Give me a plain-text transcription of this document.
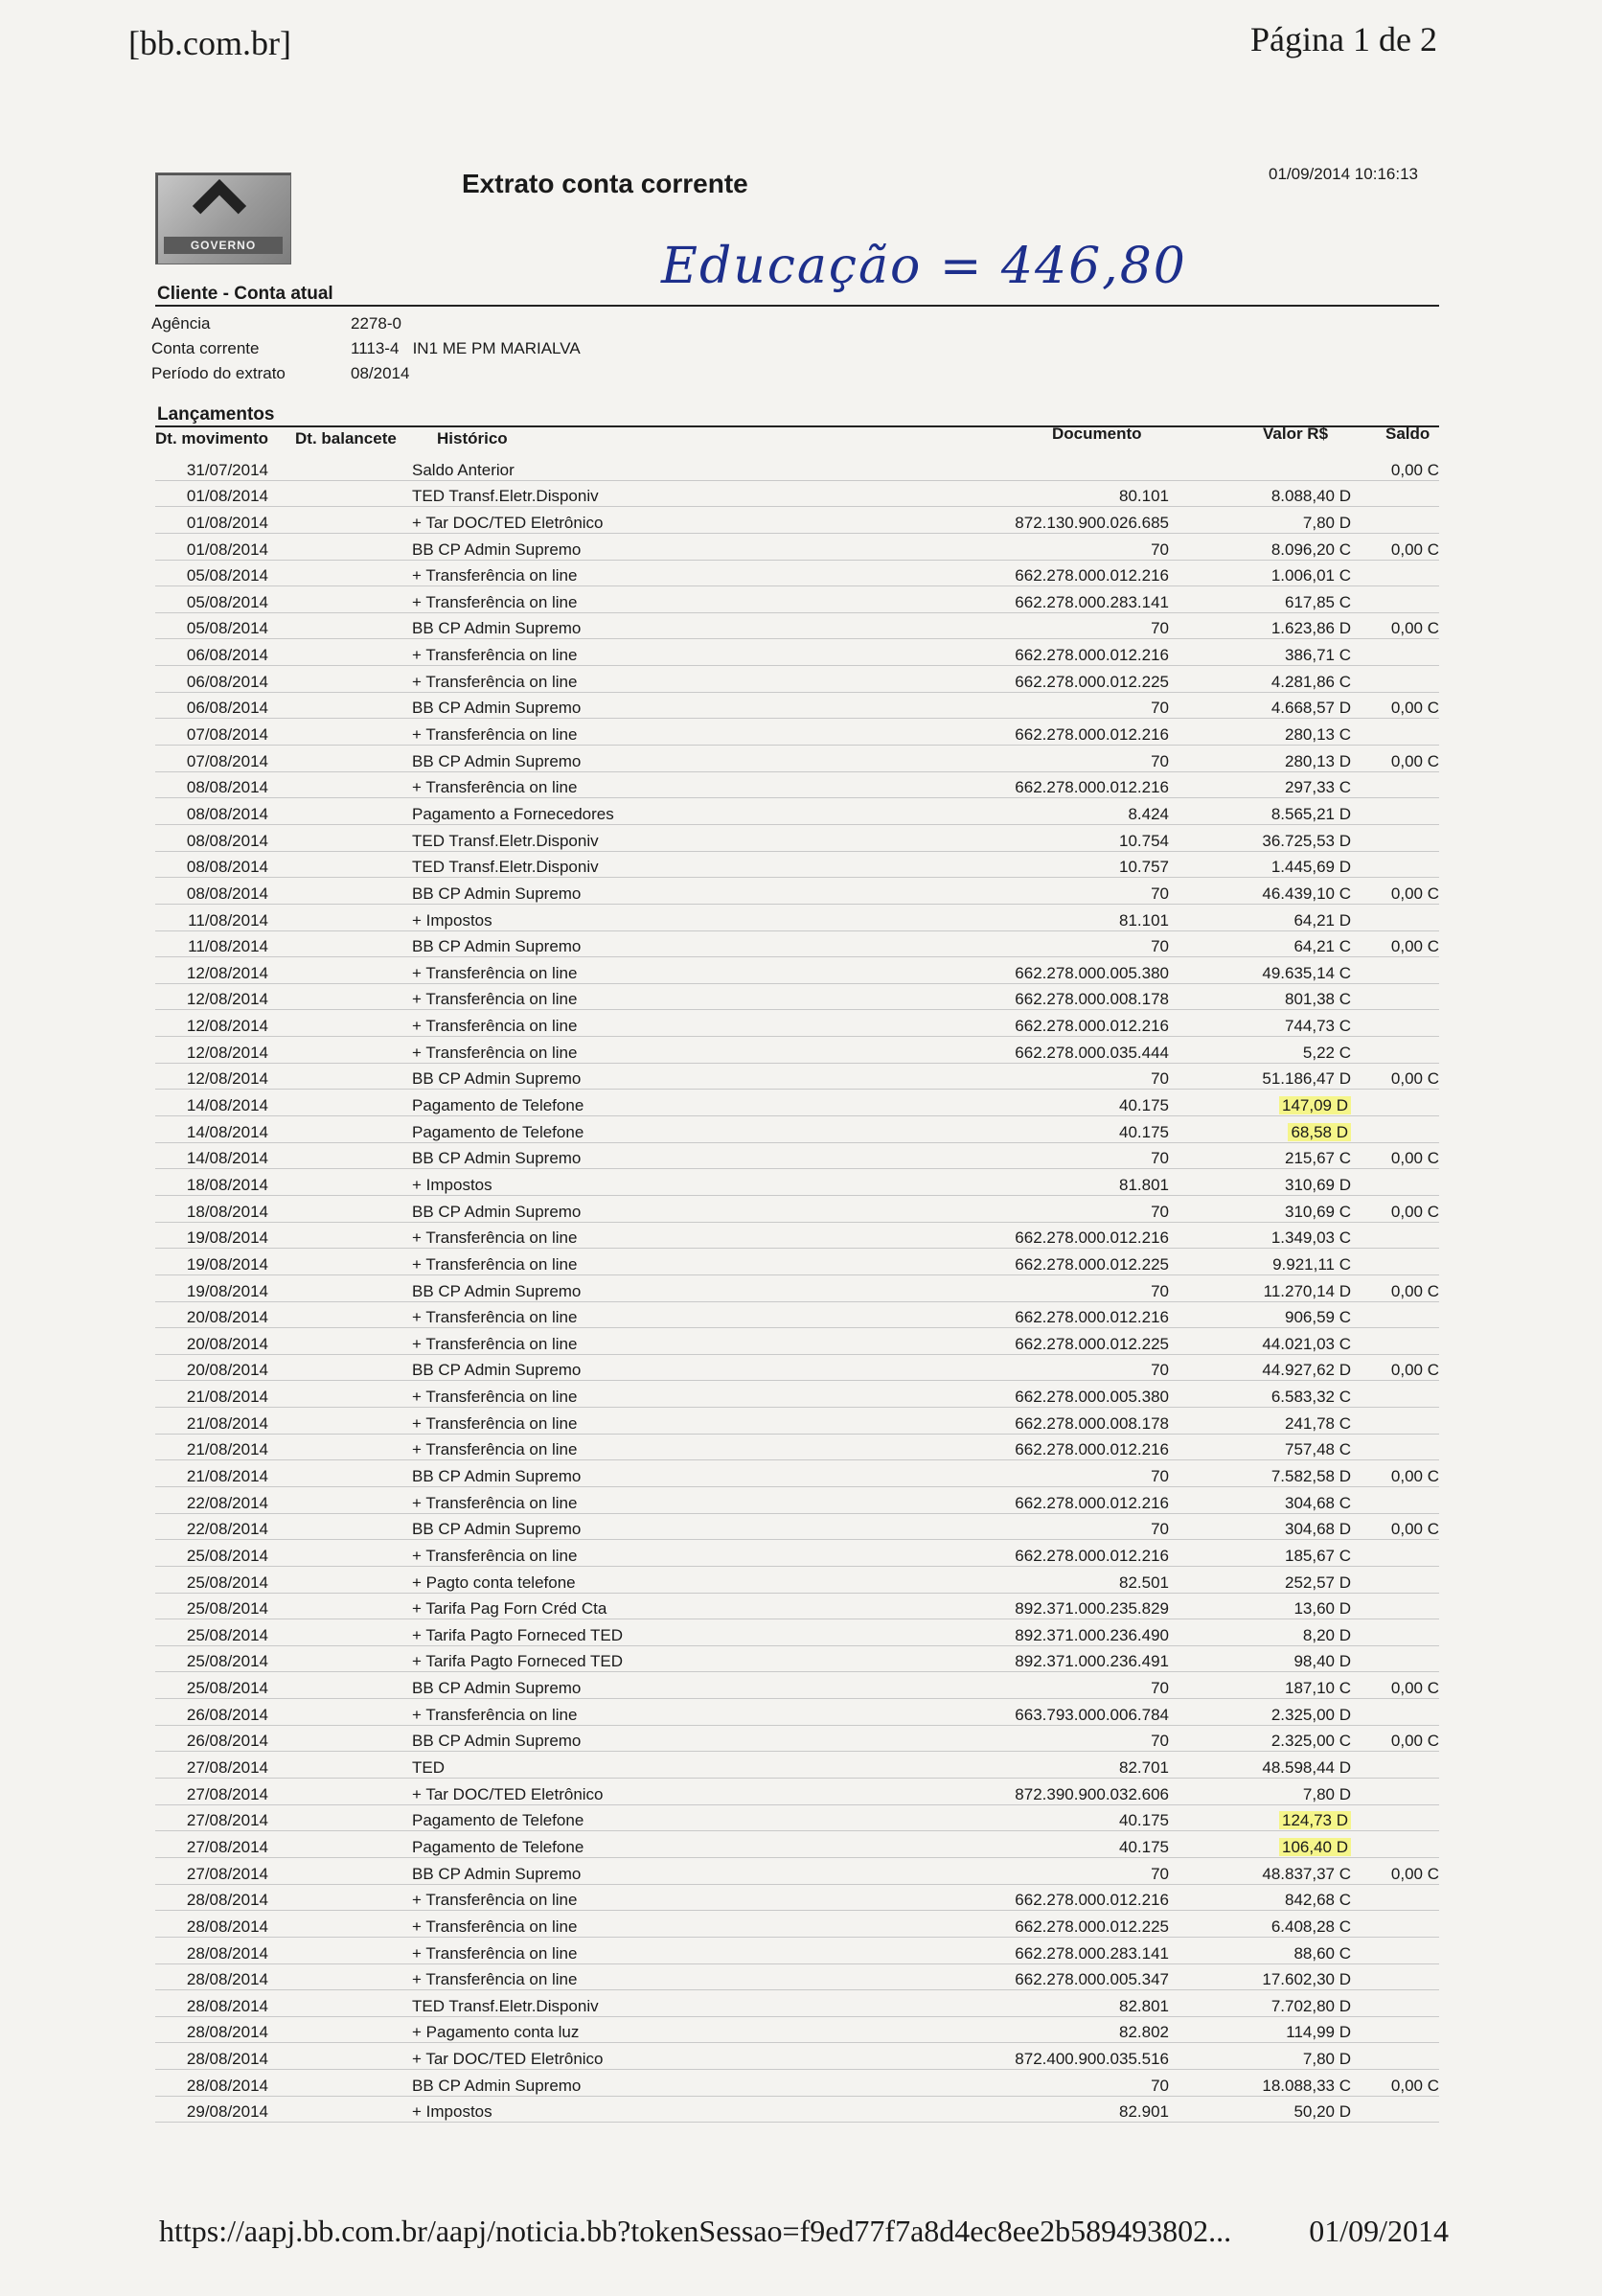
[bb.com.br]	Página 1 de 2
GOVERNO
Extrato conta corrente	01/09/2014 10:16:13
Educação = 446,80
Cliente - Conta atual
Agência	2278-0
Conta corrente	1113-4   IN1 ME PM MARIALVA
Período do extrato	08/2014
Lançamentos
Dt. movimento Dt. balancete Histórico	Documento	Valor R$	Saldo
31/07/2014		Saldo Anterior			0,00 C
01/08/2014		TED Transf.Eletr.Disponiv	80.101	8.088,40 D	
01/08/2014		+ Tar DOC/TED Eletrônico	872.130.900.026.685	7,80 D	
01/08/2014		BB CP Admin Supremo	70	8.096,20 C	0,00 C
05/08/2014		+ Transferência on line	662.278.000.012.216	1.006,01 C	
05/08/2014		+ Transferência on line	662.278.000.283.141	617,85 C	
05/08/2014		BB CP Admin Supremo	70	1.623,86 D	0,00 C
06/08/2014		+ Transferência on line	662.278.000.012.216	386,71 C	
06/08/2014		+ Transferência on line	662.278.000.012.225	4.281,86 C	
06/08/2014		BB CP Admin Supremo	70	4.668,57 D	0,00 C
07/08/2014		+ Transferência on line	662.278.000.012.216	280,13 C	
07/08/2014		BB CP Admin Supremo	70	280,13 D	0,00 C
08/08/2014		+ Transferência on line	662.278.000.012.216	297,33 C	
08/08/2014		Pagamento a Fornecedores	8.424	8.565,21 D	
08/08/2014		TED Transf.Eletr.Disponiv	10.754	36.725,53 D	
08/08/2014		TED Transf.Eletr.Disponiv	10.757	1.445,69 D	
08/08/2014		BB CP Admin Supremo	70	46.439,10 C	0,00 C
11/08/2014		+ Impostos	81.101	64,21 D	
11/08/2014		BB CP Admin Supremo	70	64,21 C	0,00 C
12/08/2014		+ Transferência on line	662.278.000.005.380	49.635,14 C	
12/08/2014		+ Transferência on line	662.278.000.008.178	801,38 C	
12/08/2014		+ Transferência on line	662.278.000.012.216	744,73 C	
12/08/2014		+ Transferência on line	662.278.000.035.444	5,22 C	
12/08/2014		BB CP Admin Supremo	70	51.186,47 D	0,00 C
14/08/2014		Pagamento de Telefone	40.175	147,09 D	
14/08/2014		Pagamento de Telefone	40.175	68,58 D	
14/08/2014		BB CP Admin Supremo	70	215,67 C	0,00 C
18/08/2014		+ Impostos	81.801	310,69 D	
18/08/2014		BB CP Admin Supremo	70	310,69 C	0,00 C
19/08/2014		+ Transferência on line	662.278.000.012.216	1.349,03 C	
19/08/2014		+ Transferência on line	662.278.000.012.225	9.921,11 C	
19/08/2014		BB CP Admin Supremo	70	11.270,14 D	0,00 C
20/08/2014		+ Transferência on line	662.278.000.012.216	906,59 C	
20/08/2014		+ Transferência on line	662.278.000.012.225	44.021,03 C	
20/08/2014		BB CP Admin Supremo	70	44.927,62 D	0,00 C
21/08/2014		+ Transferência on line	662.278.000.005.380	6.583,32 C	
21/08/2014		+ Transferência on line	662.278.000.008.178	241,78 C	
21/08/2014		+ Transferência on line	662.278.000.012.216	757,48 C	
21/08/2014		BB CP Admin Supremo	70	7.582,58 D	0,00 C
22/08/2014		+ Transferência on line	662.278.000.012.216	304,68 C	
22/08/2014		BB CP Admin Supremo	70	304,68 D	0,00 C
25/08/2014		+ Transferência on line	662.278.000.012.216	185,67 C	
25/08/2014		+ Pagto conta telefone	82.501	252,57 D	
25/08/2014		+ Tarifa Pag Forn Créd Cta	892.371.000.235.829	13,60 D	
25/08/2014		+ Tarifa Pagto Forneced TED	892.371.000.236.490	8,20 D	
25/08/2014		+ Tarifa Pagto Forneced TED	892.371.000.236.491	98,40 D	
25/08/2014		BB CP Admin Supremo	70	187,10 C	0,00 C
26/08/2014		+ Transferência on line	663.793.000.006.784	2.325,00 D	
26/08/2014		BB CP Admin Supremo	70	2.325,00 C	0,00 C
27/08/2014		TED	82.701	48.598,44 D	
27/08/2014		+ Tar DOC/TED Eletrônico	872.390.900.032.606	7,80 D	
27/08/2014		Pagamento de Telefone	40.175	124,73 D	
27/08/2014		Pagamento de Telefone	40.175	106,40 D	
27/08/2014		BB CP Admin Supremo	70	48.837,37 C	0,00 C
28/08/2014		+ Transferência on line	662.278.000.012.216	842,68 C	
28/08/2014		+ Transferência on line	662.278.000.012.225	6.408,28 C	
28/08/2014		+ Transferência on line	662.278.000.283.141	88,60 C	
28/08/2014		+ Transferência on line	662.278.000.005.347	17.602,30 D	
28/08/2014		TED Transf.Eletr.Disponiv	82.801	7.702,80 D	
28/08/2014		+ Pagamento conta luz	82.802	114,99 D	
28/08/2014		+ Tar DOC/TED Eletrônico	872.400.900.035.516	7,80 D	
28/08/2014		BB CP Admin Supremo	70	18.088,33 C	0,00 C
29/08/2014		+ Impostos	82.901	50,20 D	
https://aapj.bb.com.br/aapj/noticia.bb?tokenSessao=f9ed77f7a8d4ec8ee2b589493802...	01/09/2014
